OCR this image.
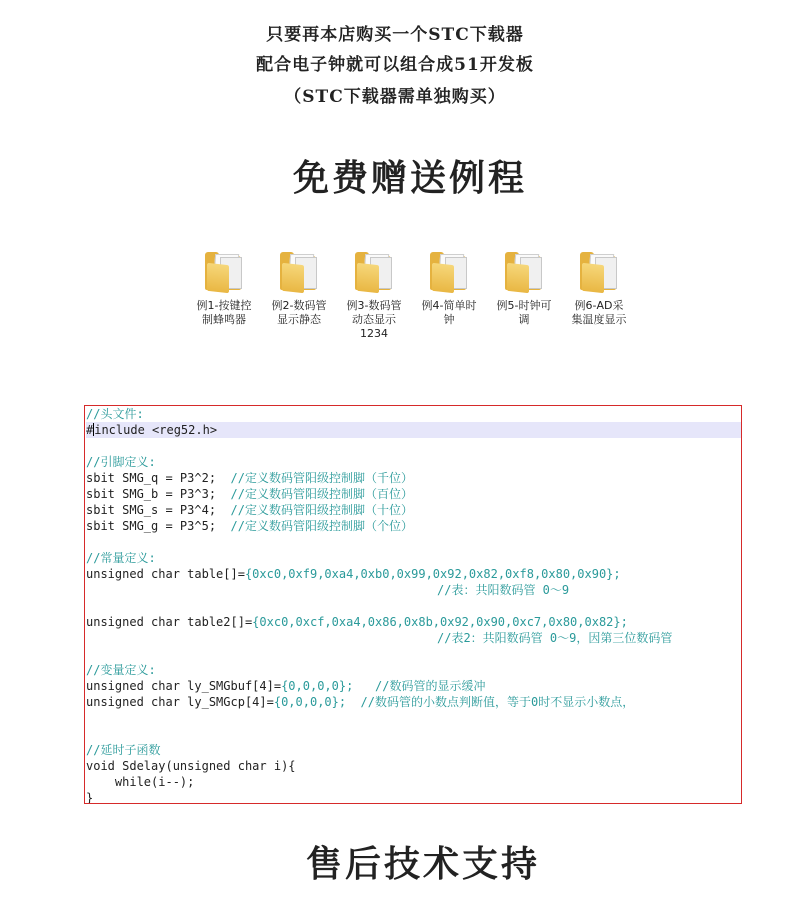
只要再本店购买一个STC下载器
配合电子钟就可以组合成51开发板
（STC下载器需单独购买）
免费赠送例程
例1-按键控
制蜂鸣器
例2-数码管
显示静态
例3-数码管
动态显示
1234
例4-简单时
钟
例5-时钟可
调
例6-AD采
集温度显示
//头文件:
#include <reg52.h>
//引脚定义:
sbit SMG_q = P3^2;  //定义数码管阳级控制脚（千位）
sbit SMG_b = P3^3;  //定义数码管阳级控制脚（百位）
sbit SMG_s = P3^4;  //定义数码管阳级控制脚（十位）
sbit SMG_g = P3^5;  //定义数码管阳级控制脚（个位）
//常量定义:
unsigned char table[]={0xc0,0xf9,0xa4,0xb0,0x99,0x92,0x82,0xf8,0x80,0x90};
//表：共阳数码管 0～9
unsigned char table2[]={0xc0,0xcf,0xa4,0x86,0x8b,0x92,0x90,0xc7,0x80,0x82};
//表2：共阳数码管 0～9，因第三位数码管
//变量定义:
unsigned char ly_SMGbuf[4]={0,0,0,0};   //数码管的显示缓冲
unsigned char ly_SMGcp[4]={0,0,0,0};  //数码管的小数点判断值，等于0时不显示小数点，
//延时子函数
void Sdelay(unsigned char i){
while(i--);
}
售后技术支持
